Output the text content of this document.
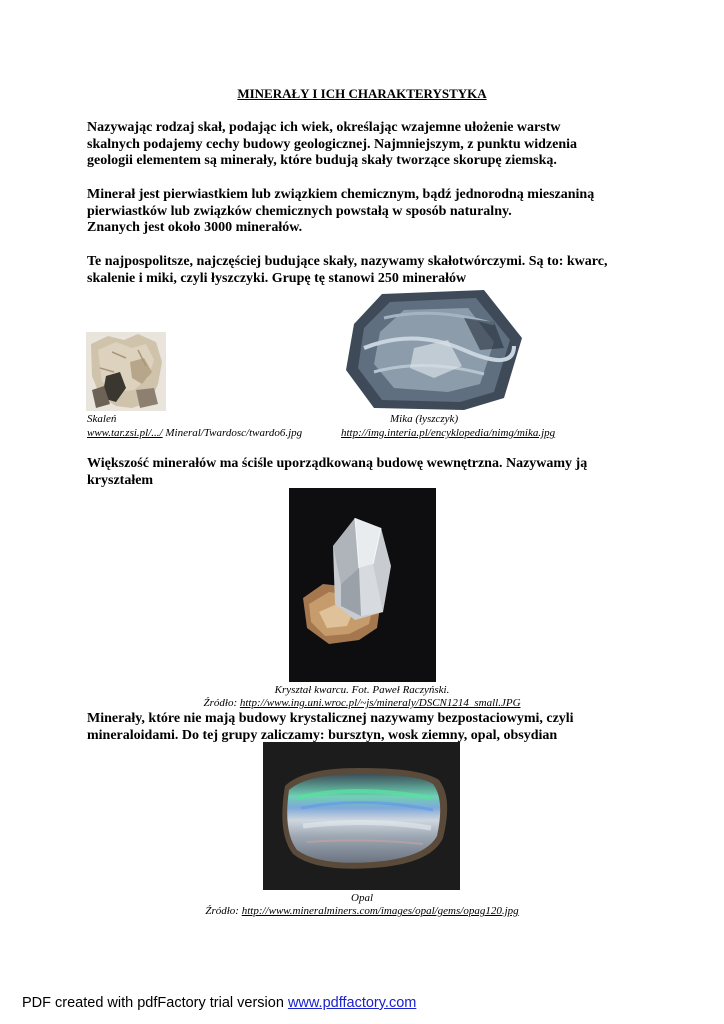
MINERAŁY I ICH CHARAKTERYSTYKA

Nazywając rodzaj skał, podając ich wiek, określając wzajemne ułożenie warstw
skalnych podajemy cechy budowy geologicznej. Najmniejszym, z punktu widzenia
geologii elementem są minerały, które budują skały tworzące skorupę ziemską.

Minerał jest pierwiastkiem lub związkiem chemicznym, bądź jednorodną mieszaniną
pierwiastków lub związków chemicznych powstałą w sposób naturalny.
Znanych jest około 3000 minerałów.

Te najpospolitsze, najczęściej budujące skały, nazywamy skałotwórczymi. Są to: kwarc,
skalenie i miki, czyli łyszczyki. Grupę tę stanowi 250 minerałów

Skaleń	Mika (łyszczyk)
www.tar.zsi.pl/.../ Mineral/Twardosc/twardo6.jpg	http://img.interia.pl/encyklopedia/nimg/mika.jpg

Większość minerałów ma ściśle uporządkowaną budowę wewnętrzna. Nazywamy ją
kryształem

Kryształ kwarcu. Fot. Paweł Raczyński.
Źródło: http://www.ing.uni.wroc.pl/~js/mineraly/DSCN1214_small.JPG

Minerały, które nie mają budowy krystalicznej nazywamy bezpostaciowymi, czyli
mineraloidami. Do tej grupy zaliczamy: bursztyn, wosk ziemny, opal, obsydian

Opal
Źródło: http://www.mineralminers.com/images/opal/gems/opag120.jpg
PDF created with pdfFactory trial version www.pdffactory.com
